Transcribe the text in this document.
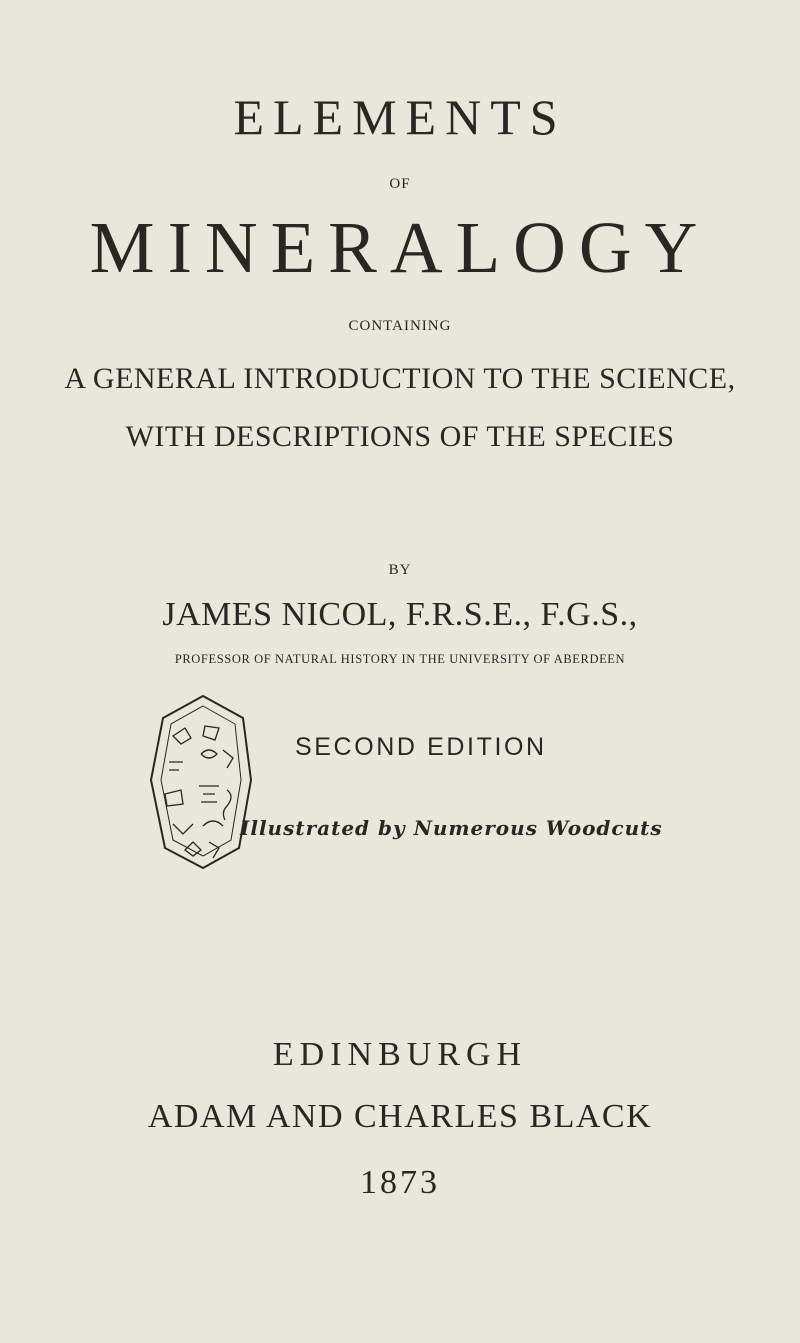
ELEMENTS
OF
MINERALOGY
CONTAINING
A GENERAL INTRODUCTION TO THE SCIENCE,
WITH DESCRIPTIONS OF THE SPECIES
BY
JAMES NICOL, F.R.S.E., F.G.S.,
PROFESSOR OF NATURAL HISTORY IN THE UNIVERSITY OF ABERDEEN
SECOND EDITION
Illustrated by Numerous Woodcuts
EDINBURGH
ADAM AND CHARLES BLACK
1873
